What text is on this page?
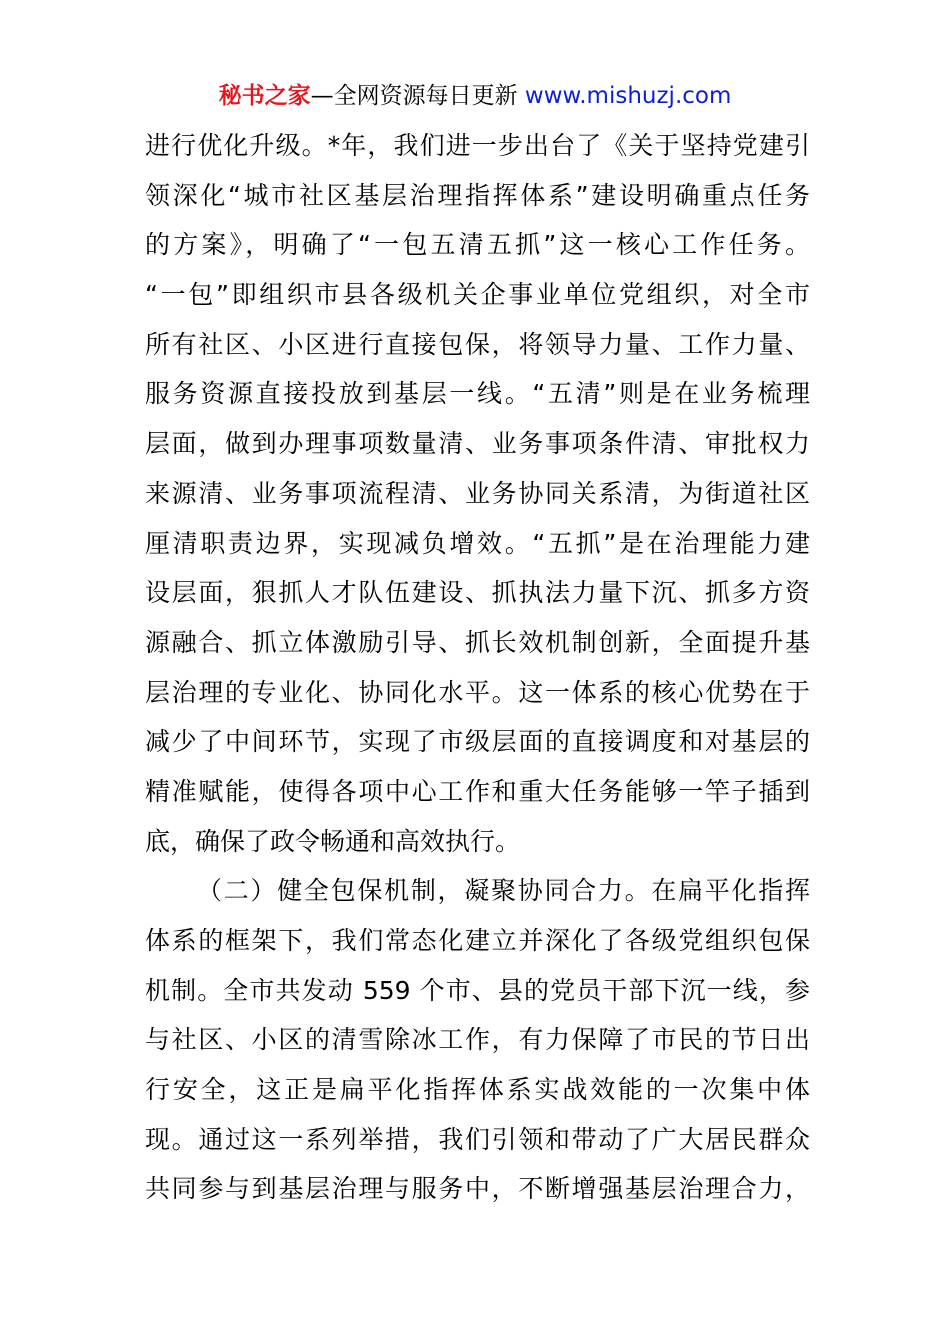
秘书之家—全网资源每日更新 www.mishuzj.com
进行优化升级。*年，我们进一步出台了《关于坚持党建引
领深化“城市社区基层治理指挥体系”建设明确重点任务
的方案》，明确了“一包五清五抓”这一核心工作任务。
“一包”即组织市县各级机关企事业单位党组织，对全市
所有社区、小区进行直接包保，将领导力量、工作力量、
服务资源直接投放到基层一线。“五清”则是在业务梳理
层面，做到办理事项数量清、业务事项条件清、审批权力
来源清、业务事项流程清、业务协同关系清，为街道社区
厘清职责边界，实现减负增效。“五抓”是在治理能力建
设层面，狠抓人才队伍建设、抓执法力量下沉、抓多方资
源融合、抓立体激励引导、抓长效机制创新，全面提升基
层治理的专业化、协同化水平。这一体系的核心优势在于
减少了中间环节，实现了市级层面的直接调度和对基层的
精准赋能，使得各项中心工作和重大任务能够一竿子插到
底，确保了政令畅通和高效执行。
（二）健全包保机制，凝聚协同合力。在扁平化指挥
体系的框架下，我们常态化建立并深化了各级党组织包保
机制。全市共发动 559 个市、县的党员干部下沉一线，参
与社区、小区的清雪除冰工作，有力保障了市民的节日出
行安全，这正是扁平化指挥体系实战效能的一次集中体
现。通过这一系列举措，我们引领和带动了广大居民群众
共同参与到基层治理与服务中，不断增强基层治理合力，
